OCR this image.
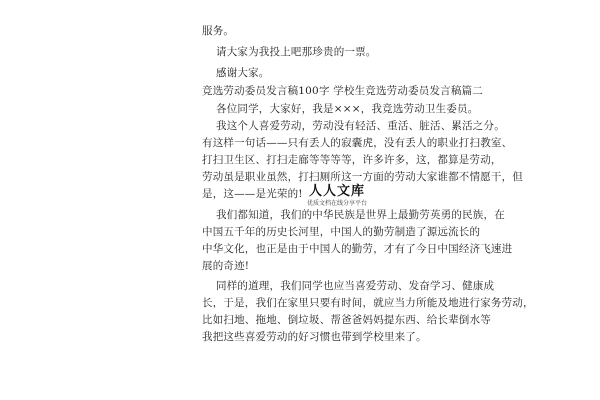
服务。
请大家为我投上吧那珍贵的一票。
感谢大家。
竞选劳动委员发言稿100字 学校生竞选劳动委员发言稿篇二
各位同学，大家好，我是×××，我竞选劳动卫生委员。
我这个人喜爱劳动，劳动没有轻活、重活、脏活、累活之分。
有这样一句话——只有丢人的寂囊虎，没有丢人的职业打扫教室、
打扫卫生区、打扫走廊等等等等，许多许多，这，都算是劳动，
劳动虽是职业虽然，打扫厕所这一方面的劳动大家谁都不情愿干，但
是，这——是光荣的!
我们都知道，我们的中华民族是世界上最勤劳英勇的民族，在
中国五千年的历史长河里，中国人的勤劳制造了源远流长的
中华文化，也正是由于中国人的勤劳，才有了今日中国经济飞速进
展的奇迹!
同样的道理，我们同学也应当喜爱劳动、发奋学习、健康成
长，于是，我们在家里只要有时间，就应当力所能及地进行家务劳动，
比如扫地、拖地、倒垃圾、帮爸爸妈妈提东西、给长辈倒水等
我把这些喜爱劳动的好习惯也带到学校里来了。
人人文库
优质文档在线分享平台
